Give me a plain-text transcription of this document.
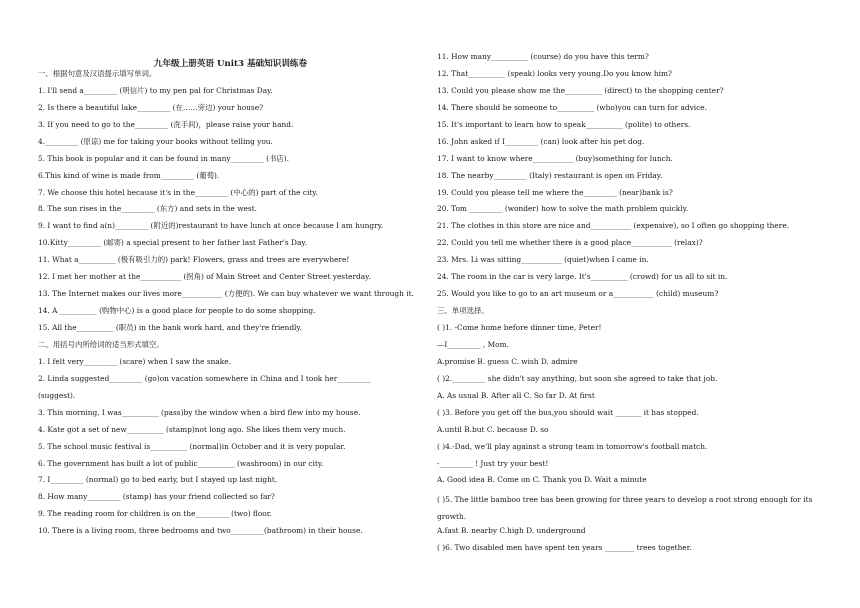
九年级上册英语 Unit3 基础知识训练卷
一、根据句意及汉语提示填写单词。
1. I'll send a_________ (明信片) to my pen pal for Christmas Day.
2. Is there a beautiful lake_________ (在……旁边) your house?
3. If you need to go to the_________ (洗手间)，please raise your hand.
4._________ (原谅) me for taking your books without telling you.
5. This book is popular and it can be found in many_________ (书店).
6.This kind of wine is made from_________ (葡萄).
7. We choose this hotel because it's in the_________ (中心的) part of the city.
8. The sun rises in the_________ (东方) and sets in the west.
9. I want to find a(n)_________ (附近的)restaurant to have lunch at once because I am hungry.
10.Kitty_________ (邮寄) a special present to her father last Father's Day.
11. What a__________ (极有吸引力的) park! Flowers, grass and trees are everywhere!
12. I met her mother at the___________ (拐角) of Main Street and Center Street yesterday.
13. The Internet makes our lives more___________ (方便的). We can buy whatever we want through it.
14. A __________ (购物中心) is a good place for people to do some shopping.
15. All the__________ (职员) in the bank work hard, and they're friendly.
二、用括号内所给词的适当形式填空。
1. I felt very_________ (scare) when I saw the snake.
2. Linda suggested_________ (go)on vacation somewhere in China and I took her_________
(suggest).
3. This morning, I was__________ (pass)by the window when a bird flew into my house.
4. Kate got a set of new__________ (stamp)not long ago. She likes them very much.
5. The school music festival is__________ (normal)in October and it is very popular.
6. The government has built a lot of public__________ (washroom) in our city.
7. I_________ (normal) go to bed early, but I stayed up last night.
8. How many_________ (stamp) has your friend collected so far?
9. The reading room for children is on the_________ (two) floor.
10. There is a living room, three bedrooms and two_________(bathroom) in their house.
11. How many__________ (course) do you have this term?
12. That__________ (speak) looks very young.Do you know him?
13. Could you please show me the__________ (direct) to the shopping center?
14. There should be someone to__________ (who)you can turn for advice.
15. It's important to learn how to speak__________ (polite) to others.
16. John asked if I_________ (can) look after his pet dog.
17. I want to know where___________ (buy)something for lunch.
18. The nearby_________ (Italy) restaurant is open on Friday.
19. Could you please tell me where the_________ (near)bank is?
20. Tom _________ (wonder) how to solve the math problem quickly.
21. The clothes in this store are nice and___________ (expensive), so I often go shopping there.
22. Could you tell me whether there is a good place___________ (relax)?
23. Mrs. Li was sitting___________ (quiet)when I came in.
24. The room in the car is very large. It's__________ (crowd) for us all to sit in.
25. Would you like to go to an art museum or a___________ (child) museum?
三、单项选择。
( )1. -Come home before dinner time, Peter!
—I_________ , Mom.
A.promise B. guess C. wish D. admire
( )2._________ she didn't say anything, but soon she agreed to take that job.
A. As usual B. After all C. So far D. At first
( )3. Before you get off the bus,you should wait _______ it has stopped.
A.until B.but C. because D. so
( )4.-Dad, we'll play against a strong team in tomorrow's football match.
-_________ ! Just try your best!
A. Good idea B. Come on C. Thank you D. Wait a minute
( )5. The little bamboo tree has been growing for three years to develop a root strong enough for its growth.
A.fast B. nearby C.high D. underground
( )6. Two disabled men have spent ten years ________ trees together.
